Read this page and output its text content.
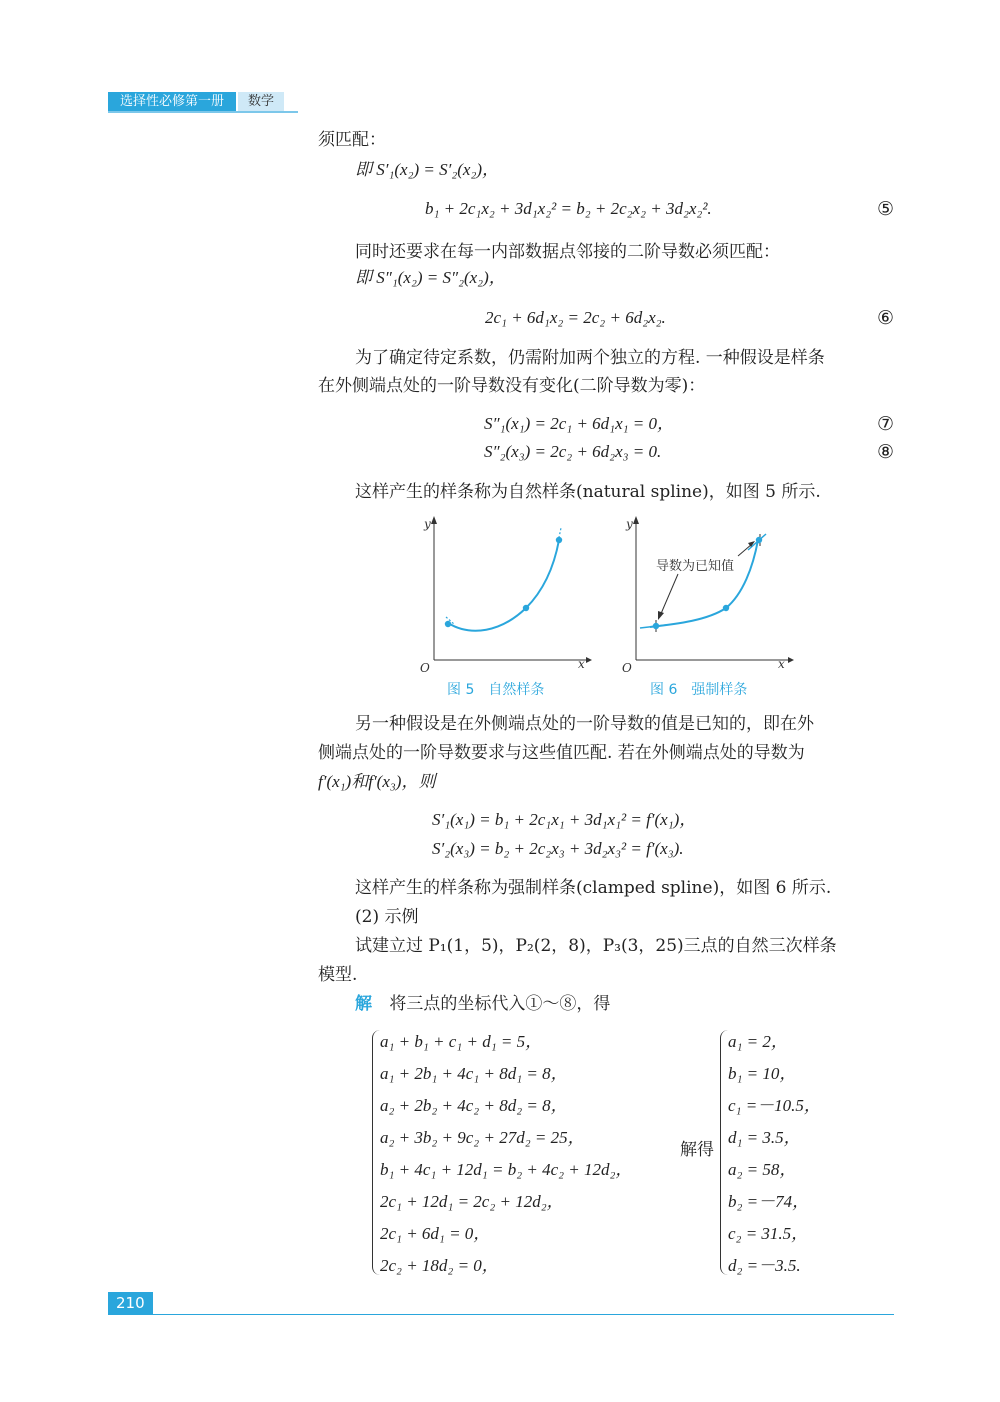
选择性必修第一册	数学
须匹配：
即 S′₁(x₂) = S′₂(x₂)，
b₁ + 2c₁x₂ + 3d₁x₂² = b₂ + 2c₂x₂ + 3d₂x₂².	⑤
同时还要求在每一内部数据点邻接的二阶导数必须匹配：
即 S″₁(x₂) = S″₂(x₂)，
2c₁ + 6d₁x₂ = 2c₂ + 6d₂x₂.	⑥
为了确定待定系数，仍需附加两个独立的方程. 一种假设是样条
在外侧端点处的一阶导数没有变化(二阶导数为零)：
S″₁(x₁) = 2c₁ + 6d₁x₁ = 0，	⑦
S″₂(x₃) = 2c₂ + 6d₂x₃ = 0.	⑧
这样产生的样条称为自然样条(natural spline)，如图 5 所示.
y
x
O
图 5　自然样条
y
x
O
导数为已知值
图 6　强制样条
另一种假设是在外侧端点处的一阶导数的值是已知的，即在外
侧端点处的一阶导数要求与这些值匹配. 若在外侧端点处的导数为
f′(x₁)和f′(x₃)，则
S′₁(x₁) = b₁ + 2c₁x₁ + 3d₁x₁² = f′(x₁)，
S′₂(x₃) = b₂ + 2c₂x₃ + 3d₂x₃² = f′(x₃).
这样产生的样条称为强制样条(clamped spline)，如图 6 所示.
(2) 示例
试建立过 P₁(1，5)，P₂(2，8)，P₃(3，25)三点的自然三次样条
模型.
解 将三点的坐标代入①～⑧，得
a₁ + b₁ + c₁ + d₁ = 5，
a₁ + 2b₁ + 4c₁ + 8d₁ = 8，
a₂ + 2b₂ + 4c₂ + 8d₂ = 8，
a₂ + 3b₂ + 9c₂ + 27d₂ = 25，
b₁ + 4c₁ + 12d₁ = b₂ + 4c₂ + 12d₂，
2c₁ + 12d₁ = 2c₂ + 12d₂，
2c₁ + 6d₁ = 0，
2c₂ + 18d₂ = 0，
解得
a₁ = 2，
b₁ = 10，
c₁ =－10.5，
d₁ = 3.5，
a₂ = 58，
b₂ =－74，
c₂ = 31.5，
d₂ =－3.5.
210
